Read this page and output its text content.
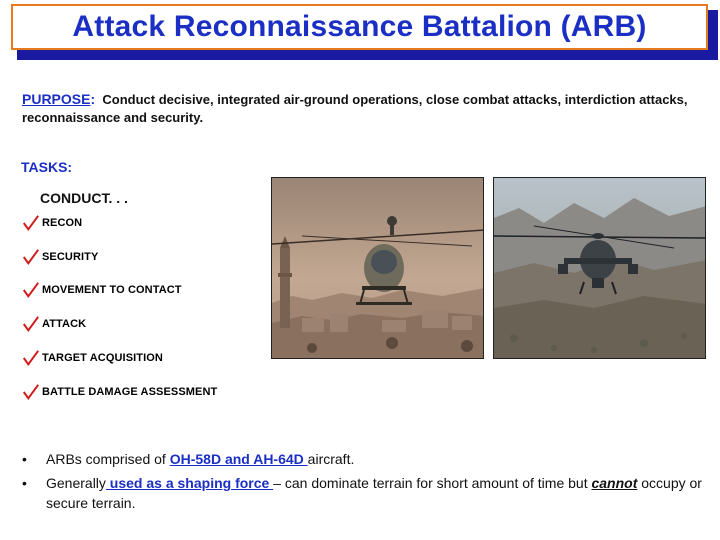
Attack Reconnaissance Battalion (ARB)
PURPOSE: Conduct decisive, integrated air-ground operations, close combat attacks, interdiction attacks, reconnaissance and security.
TASKS:
CONDUCT. . .
RECON
SECURITY
MOVEMENT TO CONTACT
ATTACK
TARGET ACQUISITION
BATTLE DAMAGE ASSESSMENT
•	ARBs comprised of OH-58D and AH-64D aircraft.
•	Generally used as a shaping force – can dominate terrain for short amount of time but cannot occupy or secure terrain.
